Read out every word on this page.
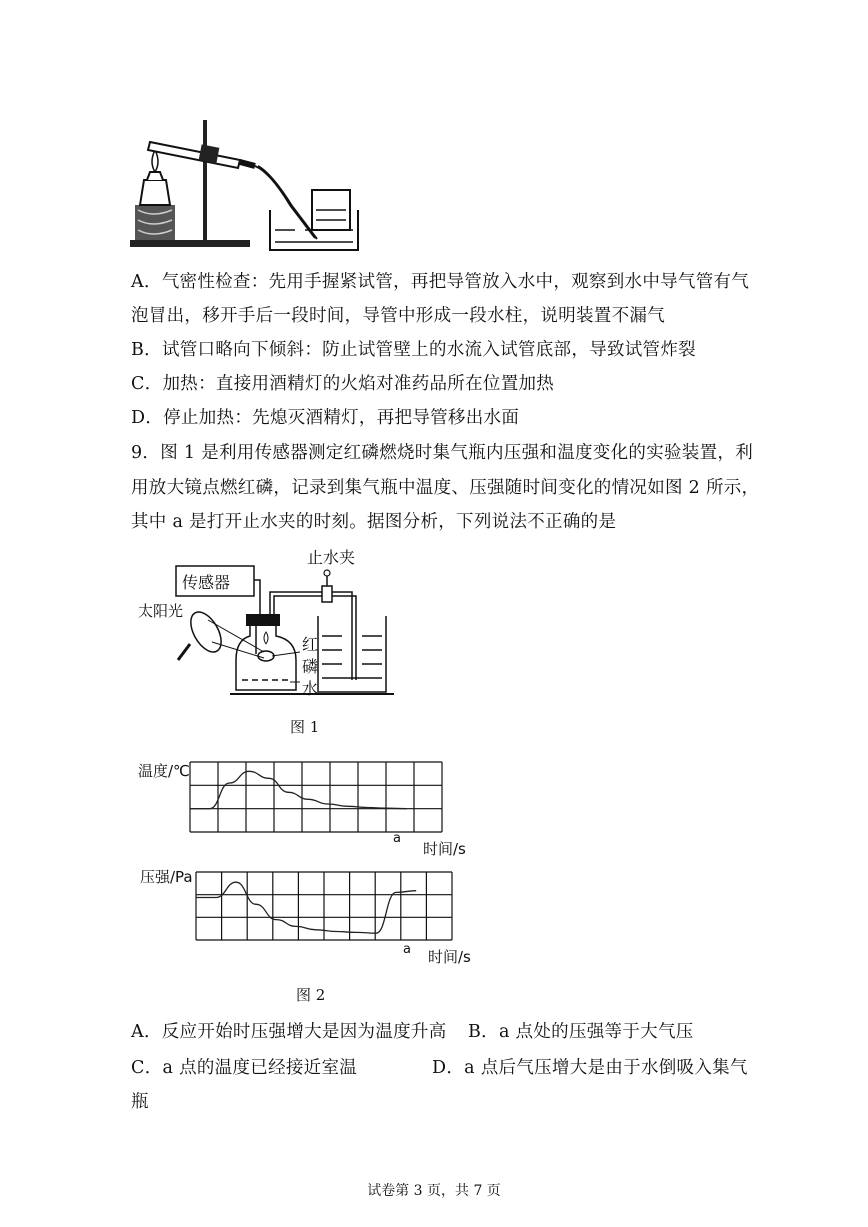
A．气密性检查：先用手握紧试管，再把导管放入水中，观察到水中导气管有气
泡冒出，移开手后一段时间，导管中形成一段水柱，说明装置不漏气
B．试管口略向下倾斜：防止试管壁上的水流入试管底部，导致试管炸裂
C．加热：直接用酒精灯的火焰对准药品所在位置加热
D．停止加热：先熄灭酒精灯，再把导管移出水面
9．图 1 是利用传感器测定红磷燃烧时集气瓶内压强和温度变化的实验装置，利
用放大镜点燃红磷，记录到集气瓶中温度、压强随时间变化的情况如图 2 所示，
其中 a 是打开止水夹的时刻。据图分析，下列说法不正确的是
传感器
止水夹
太阳光
红
磷
水
图 1
温度/℃
a
时间/s
压强/Pa
a 时间/s
图 2
A．反应开始时压强增大是因为温度升高 B．a 点处的压强等于大气压
C．a 点的温度已经接近室温	D．a 点后气压增大是由于水倒吸入集气
瓶
试卷第 3 页，共 7 页
